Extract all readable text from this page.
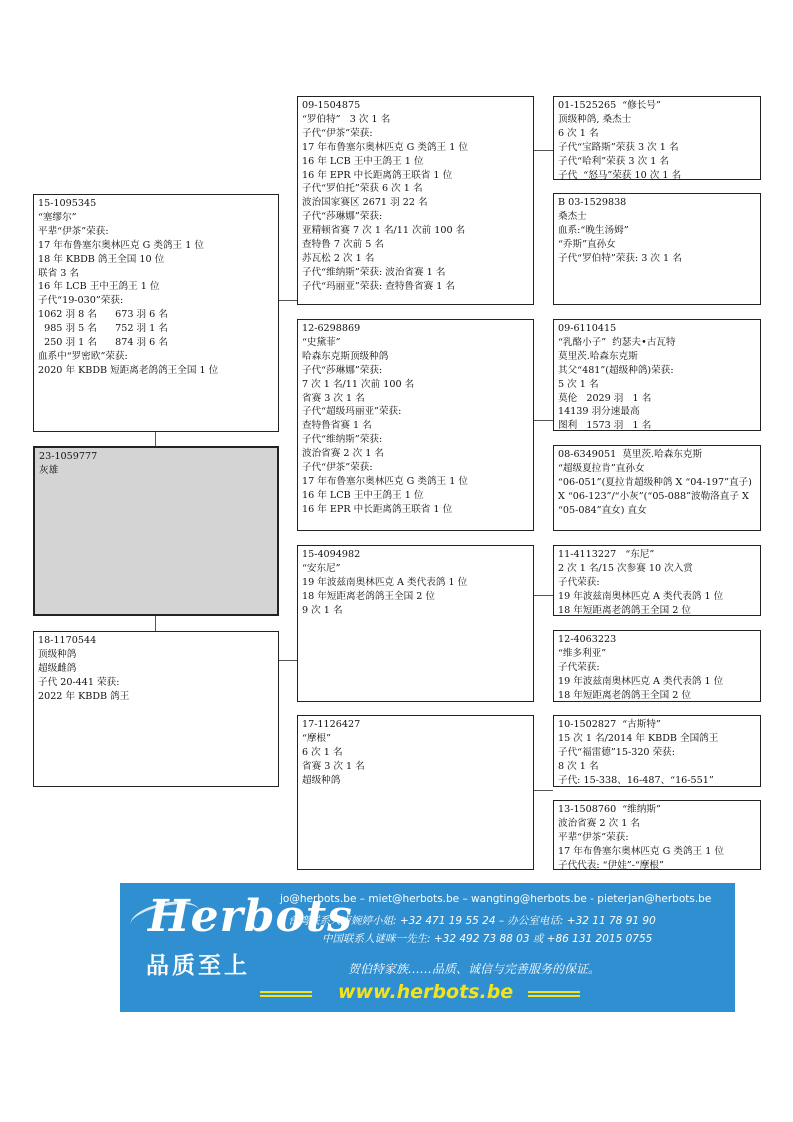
15-1095345
“塞缪尔”
平辈“伊茶”荣获:
17 年布鲁塞尔奥林匹克 G 类鸽王 1 位
18 年 KBDB 鸽王全国 10 位
联省 3 名
16 年 LCB 王中王鸽王 1 位
子代“19-030”荣获:
1062 羽 8 名      673 羽 6 名
985 羽 5 名      752 羽 1 名
250 羽 1 名      874 羽 6 名
血系中“罗密欧”荣获:
2020 年 KBDB 短距离老鸽鸽王全国 1 位
23-1059777
灰雄
18-1170544
顶级种鸽
超级雌鸽
子代 20-441 荣获:
2022 年 KBDB 鸽王
09-1504875
“罗伯特”   3 次 1 名
子代“伊茶”荣获:
17 年布鲁塞尔奥林匹克 G 类鸽王 1 位
16 年 LCB 王中王鸽王 1 位
16 年 EPR 中长距离鸽王联省 1 位
子代“罗伯托”荣获 6 次 1 名
波治国家赛区 2671 羽 22 名
子代“莎琳娜”荣获:
亚精顿省赛 7 次 1 名/11 次前 100 名
查特鲁 7 次前 5 名
苏瓦松 2 次 1 名
子代“维纳斯”荣获: 波治省赛 1 名
子代“玛丽亚”荣获: 查特鲁省赛 1 名
12-6298869
“史黛菲”
哈森东克斯顶级种鸽
子代“莎琳娜”荣获:
7 次 1 名/11 次前 100 名
省赛 3 次 1 名
子代“超级玛丽亚”荣获:
查特鲁省赛 1 名
子代“维纳斯”荣获:
波治省赛 2 次 1 名
子代“伊茶”荣获:
17 年布鲁塞尔奥林匹克 G 类鸽王 1 位
16 年 LCB 王中王鸽王 1 位
16 年 EPR 中长距离鸽王联省 1 位
15-4094982
“安东尼”
19 年波兹南奥林匹克 A 类代表鸽 1 位
18 年短距离老鸽鸽王全国 2 位
9 次 1 名
17-1126427
“摩根”
6 次 1 名
省赛 3 次 1 名
超级种鸽
01-1525265  “修长号”
顶级种鸽, 桑杰士
6 次 1 名
子代“宝路斯”荣获 3 次 1 名
子代“哈利”荣获 3 次 1 名
子代  “怒马”荣获 10 次 1 名
B 03-1529838
桑杰士
血系:“晚生汤姆”
“乔斯”直孙女
子代“罗伯特”荣获: 3 次 1 名
09-6110415
“乳酪小子”  约瑟夫•古瓦特
莫里茨.哈森东克斯
其父“481”(超级种鸽)荣获:
5 次 1 名
莫伦   2029 羽   1 名
14139 羽分速最高
图利   1573 羽   1 名
08-6349051  莫里茨.哈森东克斯
“超级夏拉肯”直孙女
“06-051”(夏拉肯超级种鸽 X “04-197”直子) X “06-123”/“小灰”(“05-088”波勒洛直子 X “05-084”直女) 直女
11-4113227   “东尼”
2 次 1 名/15 次参赛 10 次入赏
子代荣获:
19 年波兹南奥林匹克 A 类代表鸽 1 位
18 年短距离老鸽鸽王全国 2 位
12-4063223
“维多利亚”
子代荣获:
19 年波兹南奥林匹克 A 类代表鸽 1 位
18 年短距离老鸽鸽王全国 2 位
10-1502827  “古斯特”
15 次 1 名/2014 年 KBDB 全国鸽王
子代“福雷德”15-320 荣获:
8 次 1 名
子代: 15-338、16-487、“16-551”
13-1508760  “维纳斯”
波治省赛 2 次 1 名
平辈“伊茶”荣获:
17 年布鲁塞尔奥林匹克 G 类鸽王 1 位
子代代表: “伊娃”-“摩根”
Herbots
品质至上
jo@herbots.be – miet@herbots.be – wangting@herbots.be - pieterjan@herbots.be
台湾联系人卢婉婷小姐: +32 471 19 55 24 – 办公室电话: +32 11 78 91 90
中国联系人谜咪一先生: +32 492 73 88 03 或 +86 131 2015 0755
贺伯特家族……品质、诚信与完善服务的保证。
www.herbots.be
